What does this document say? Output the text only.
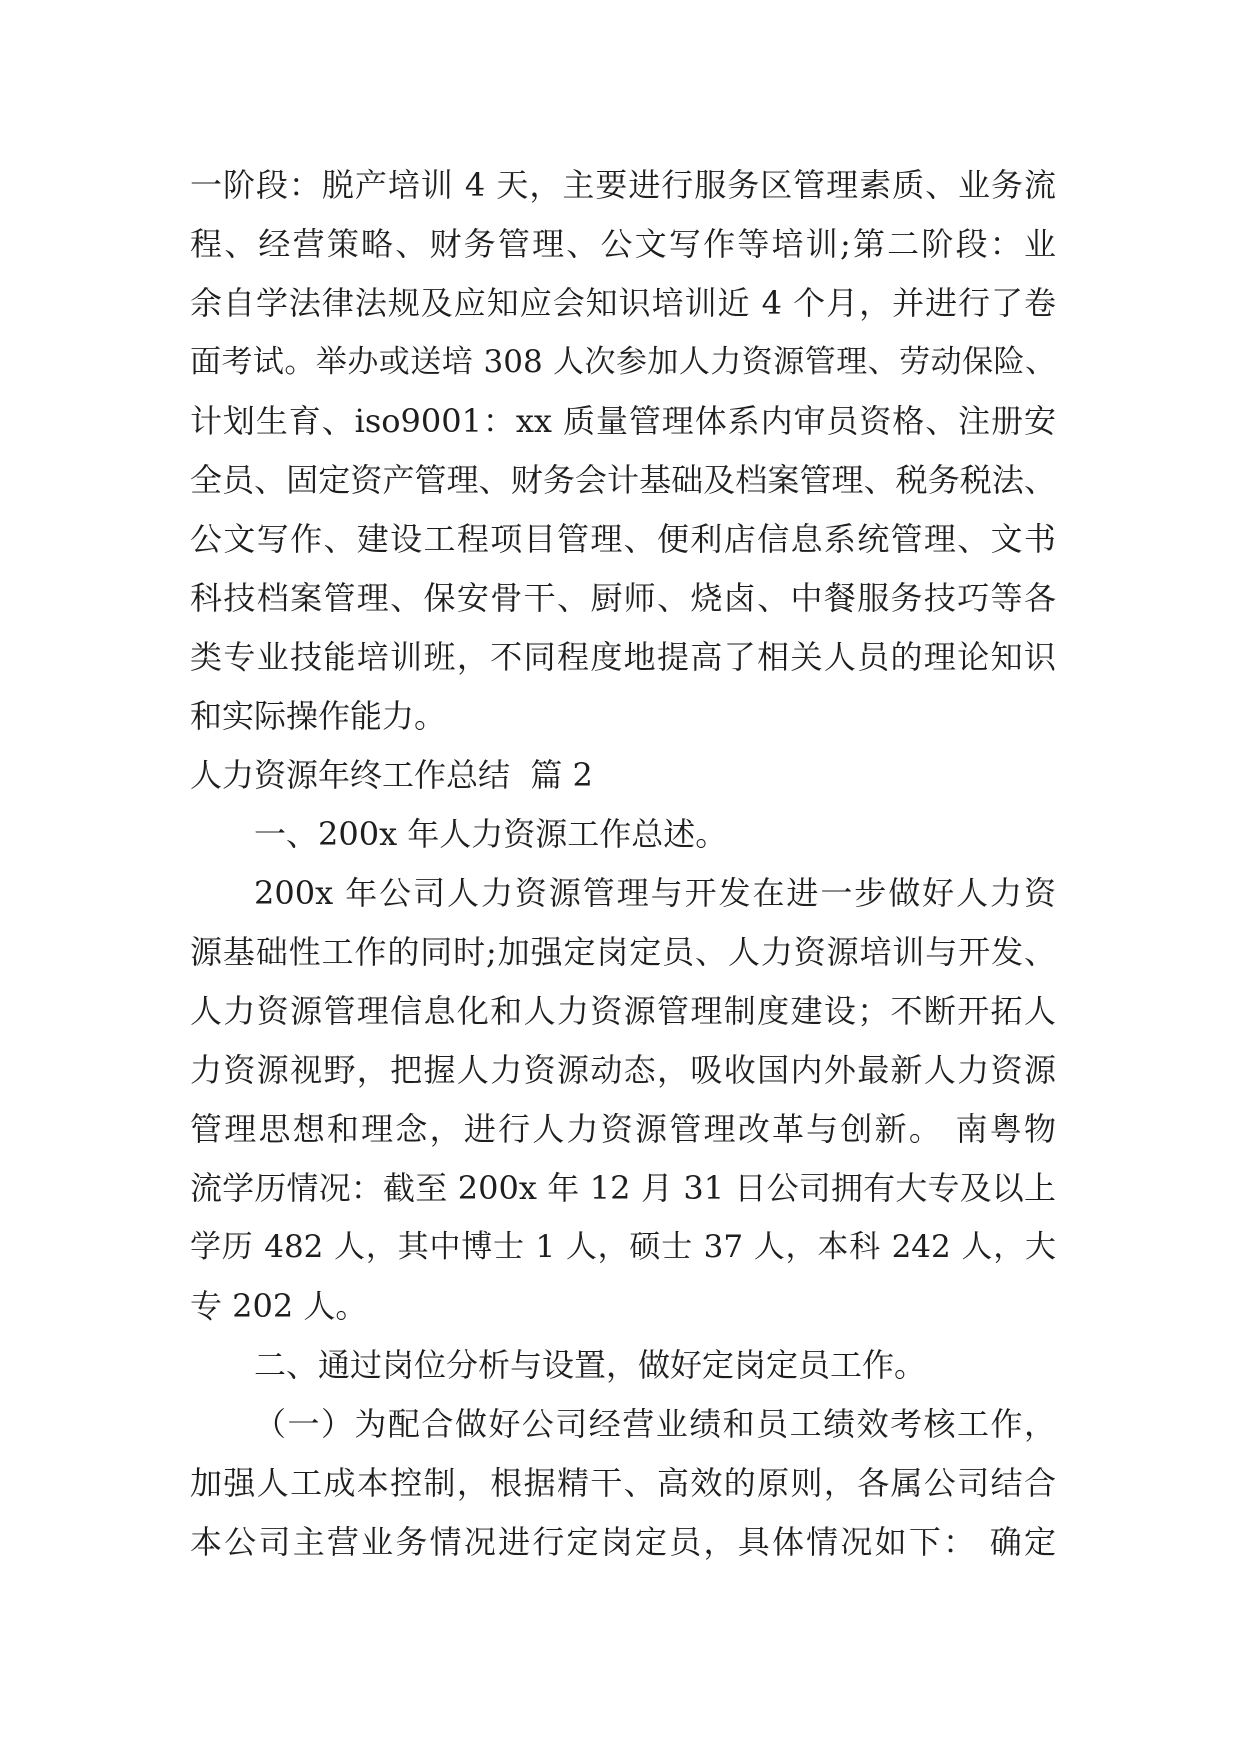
一阶段：脱产培训 4 天，主要进行服务区管理素质、业务流
程、经营策略、财务管理、公文写作等培训;第二阶段：业
余自学法律法规及应知应会知识培训近 4 个月，并进行了卷
面考试。举办或送培 308 人次参加人力资源管理、劳动保险、
计划生育、iso9001：xx 质量管理体系内审员资格、注册安
全员、固定资产管理、财务会计基础及档案管理、税务税法、
公文写作、建设工程项目管理、便利店信息系统管理、文书
科技档案管理、保安骨干、厨师、烧卤、中餐服务技巧等各
类专业技能培训班，不同程度地提高了相关人员的理论知识
和实际操作能力。
人力资源年终工作总结  篇 2
一、200x 年人力资源工作总述。
200x 年公司人力资源管理与开发在进一步做好人力资
源基础性工作的同时;加强定岗定员、人力资源培训与开发、
人力资源管理信息化和人力资源管理制度建设；不断开拓人
力资源视野，把握人力资源动态，吸收国内外最新人力资源
管理思想和理念，进行人力资源管理改革与创新。 南粤物
流学历情况：截至 200x 年 12 月 31 日公司拥有大专及以上
学历 482 人，其中博士 1 人，硕士 37 人，本科 242 人，大
专 202 人。
二、通过岗位分析与设置，做好定岗定员工作。
（一）为配合做好公司经营业绩和员工绩效考核工作，
加强人工成本控制，根据精干、高效的原则，各属公司结合
本公司主营业务情况进行定岗定员，具体情况如下： 确定
